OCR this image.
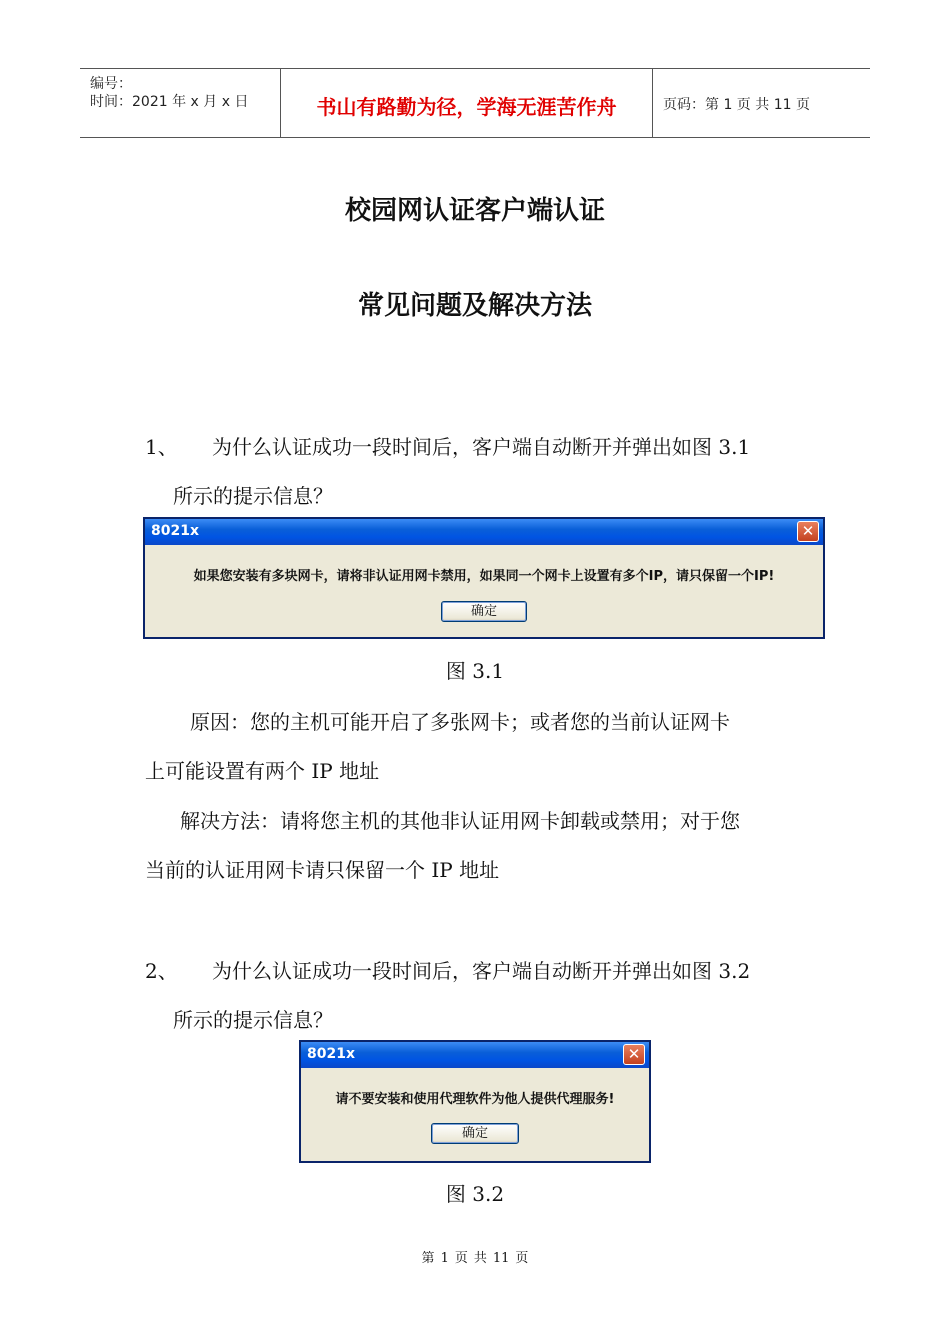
编号：
时间：2021 年 x 月 x 日	书山有路勤为径，学海无涯苦作舟	页码：第 1 页 共 11 页
校园网认证客户端认证
常见问题及解决方法
1、 为什么认证成功一段时间后，客户端自动断开并弹出如图 3.1
所示的提示信息？
8021x	✕
如果您安装有多块网卡，请将非认证用网卡禁用，如果同一个网卡上设置有多个IP，请只保留一个IP!
确定
图 3.1
原因：您的主机可能开启了多张网卡；或者您的当前认证网卡
上可能设置有两个 IP 地址
解决方法：请将您主机的其他非认证用网卡卸载或禁用；对于您
当前的认证用网卡请只保留一个 IP 地址
2、 为什么认证成功一段时间后，客户端自动断开并弹出如图 3.2
所示的提示信息？
8021x	✕
请不要安装和使用代理软件为他人提供代理服务!
确定
图 3.2
第 1 页 共 11 页
